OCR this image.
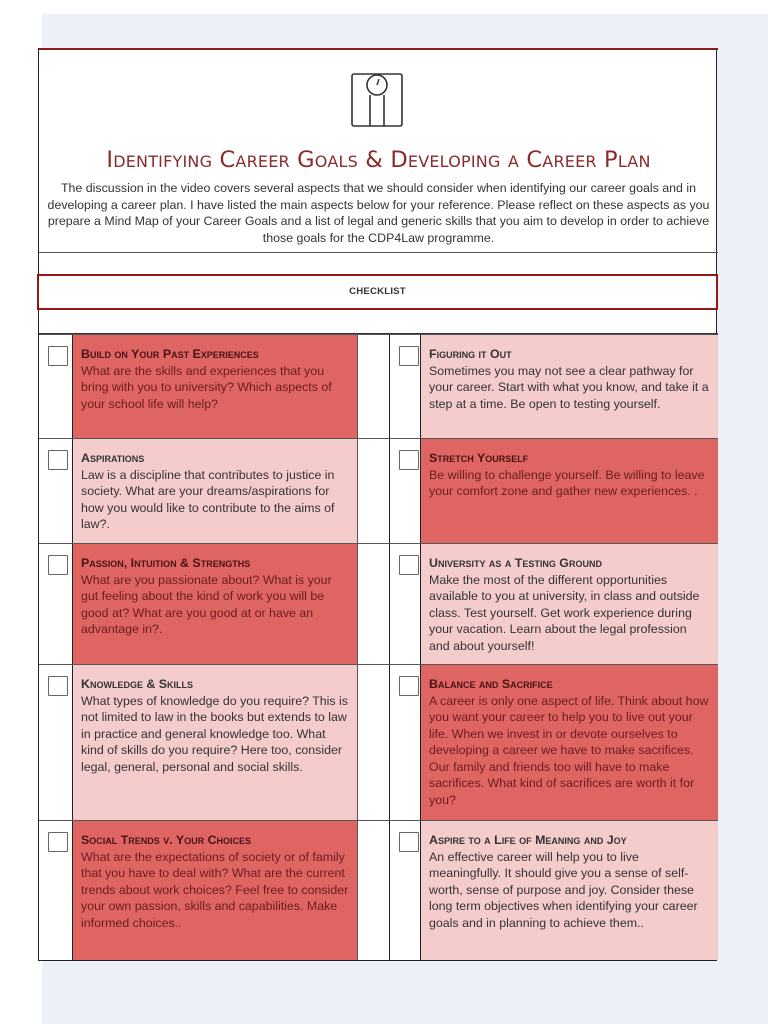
Identifying Career Goals & Developing a Career Plan
The discussion in the video covers several aspects that we should consider when identifying our career goals and in developing a career plan. I have listed the main aspects below for your reference. Please reflect on these aspects as you prepare a Mind Map of your Career Goals and a list of legal and generic skills that you aim to develop in order to achieve those goals for the CDP4Law programme.
CHECKLIST
Build on Your Past Experiences
What are the skills and experiences that you bring with you to university? Which aspects of your school life will help?
Figuring it Out
Sometimes you may not see a clear pathway for your career. Start with what you know, and take it a step at a time. Be open to testing yourself.
Aspirations
Law is a discipline that contributes to justice in society. What are your dreams/aspirations for how you would like to contribute to the aims of law?.
Stretch Yourself
Be willing to challenge yourself. Be willing to leave your comfort zone and gather new experiences. .
Passion, Intuition & Strengths
What are you passionate about? What is your gut feeling about the kind of work you will be good at? What are you good at or have an advantage in?.
University as a Testing Ground
Make the most of the different opportunities available to you at university, in class and outside class. Test yourself. Get work experience during your vacation. Learn about the legal profession and about yourself!
Knowledge & Skills
What types of knowledge do you require? This is not limited to law in the books but extends to law in practice and general knowledge too. What kind of skills do you require? Here too, consider legal, general, personal and social skills.
Balance and Sacrifice
A career is only one aspect of life. Think about how you want your career to help you to live out your life. When we invest in or devote ourselves to developing a career we have to make sacrifices. Our family and friends too will have to make sacrifices. What kind of sacrifices are worth it for you?
Social Trends v. Your Choices
What are the expectations of society or of family that you have to deal with? What are the current trends about work choices? Feel free to consider your own passion, skills and capabilities. Make informed choices..
Aspire to a Life of Meaning and Joy
An effective career will help you to live meaningfully. It should give you a sense of self-worth, sense of purpose and joy. Consider these long term objectives when identifying your career goals and in planning to achieve them..
